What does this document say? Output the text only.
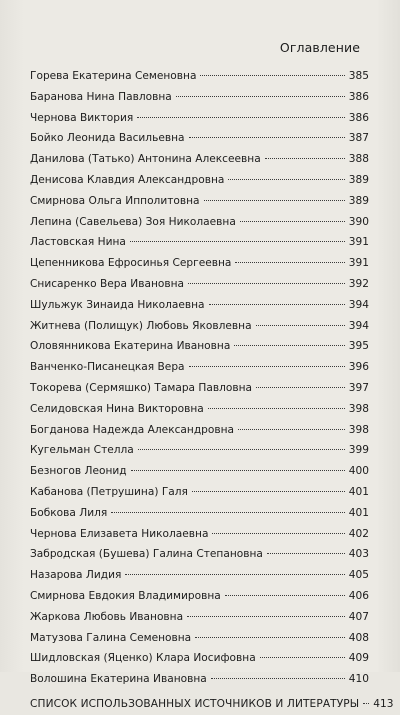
Оглавление
Горева Екатерина Семеновна	385
Баранова Нина Павловна	386
Чернова Виктория	386
Бойко Леонида Васильевна	387
Данилова (Татько) Антонина Алексеевна	388
Денисова Клавдия Александровна	389
Смирнова Ольга Ипполитовна	389
Лепина (Савельева) Зоя Николаевна	390
Ластовская Нина	391
Цепенникова Ефросинья Сергеевна	391
Снисаренко Вера Ивановна	392
Шульжук Зинаида Николаевна	394
Житнева (Полищук) Любовь Яковлевна	394
Оловянникова Екатерина Ивановна	395
Ванченко-Писанецкая Вера	396
Токорева (Сермяшко) Тамара Павловна	397
Селидовская Нина Викторовна	398
Богданова Надежда Александровна	398
Кугельман Стелла	399
Безногов Леонид	400
Кабанова (Петрушина) Галя	401
Бобкова Лиля	401
Чернова Елизавета Николаевна	402
Забродская (Бушева) Галина Степановна	403
Назарова Лидия	405
Смирнова Евдокия Владимировна	406
Жаркова Любовь Ивановна	407
Матузова Галина Семеновна	408
Шидловская (Яценко) Клара Иосифовна	409
Волошина Екатерина Ивановна	410
СПИСОК ИСПОЛЬЗОВАННЫХ ИСТОЧНИКОВ И ЛИТЕРАТУРЫ 413
